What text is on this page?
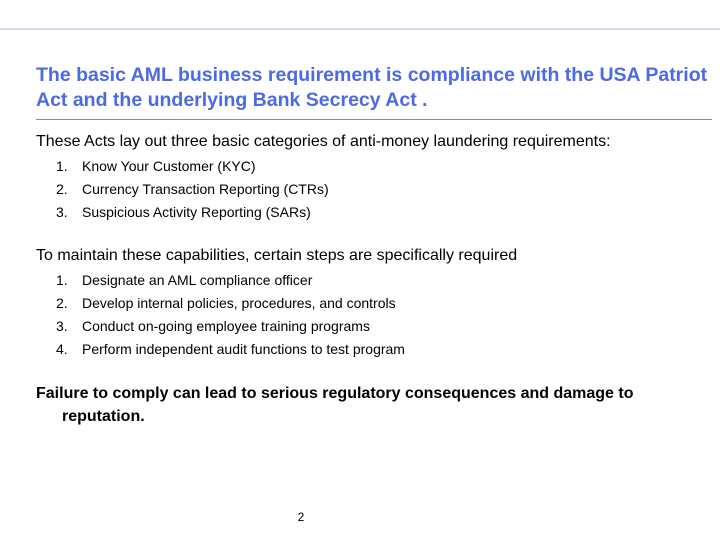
The basic AML business requirement is compliance with the USA Patriot Act and the underlying Bank Secrecy Act .

These Acts lay out three basic categories of anti-money laundering requirements:

1. Know Your Customer (KYC)
2. Currency Transaction Reporting (CTRs)
3. Suspicious Activity Reporting (SARs)

To maintain these capabilities, certain steps are specifically required

1. Designate an AML compliance officer
2. Develop internal policies, procedures, and controls
3. Conduct on-going employee training programs
4. Perform independent audit functions to test program

Failure to comply can lead to serious regulatory consequences and damage to reputation.

2
